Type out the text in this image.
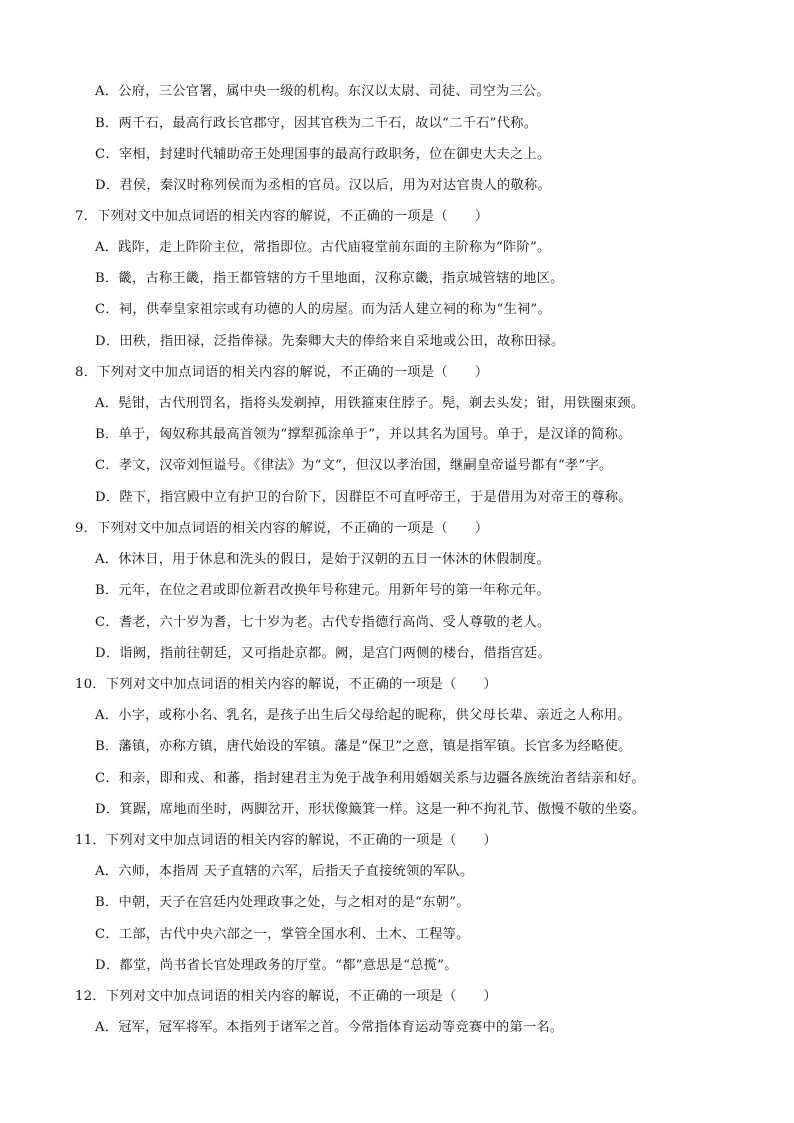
A．公府，三公官署，属中央一级的机构。东汉以太尉、司徒、司空为三公。
B．两千石，最高行政长官郡守，因其官秩为二千石，故以“二千石”代称。
C．宰相，封建时代辅助帝王处理国事的最高行政职务，位在御史大夫之上。
D．君侯，秦汉时称列侯而为丞相的官员。汉以后，用为对达官贵人的敬称。
7．下列对文中加点词语的相关内容的解说，不正确的一项是（　　）
A．践阼，走上阼阶主位，常指即位。古代庙寝堂前东面的主阶称为“阼阶”。
B．畿，古称王畿，指王都管辖的方千里地面，汉称京畿，指京城管辖的地区。
C．祠，供奉皇家祖宗或有功德的人的房屋。而为活人建立祠的称为“生祠”。
D．田秩，指田禄，泛指俸禄。先秦卿大夫的俸给来自采地或公田，故称田禄。
8．下列对文中加点词语的相关内容的解说，不正确的一项是（　　）
A．髡钳，古代刑罚名，指将头发剃掉，用铁箍束住脖子。髡，剃去头发；钳，用铁圈束颈。
B．单于，匈奴称其最高首领为“撑犁孤涂单于”，并以其名为国号。单于，是汉译的简称。
C．孝文，汉帝刘恒谥号。《律法》为“文”，但汉以孝治国，继嗣皇帝谥号都有“孝”字。
D．陛下，指宫殿中立有护卫的台阶下，因群臣不可直呼帝王，于是借用为对帝王的尊称。
9．下列对文中加点词语的相关内容的解说，不正确的一项是（　　）
A．休沐日，用于休息和洗头的假日，是始于汉朝的五日一休沐的休假制度。
B．元年，在位之君或即位新君改换年号称建元。用新年号的第一年称元年。
C．耆老，六十岁为耆，七十岁为老。古代专指德行高尚、受人尊敬的老人。
D．诣阙，指前往朝廷，又可指赴京都。阙，是宫门两侧的楼台，借指宫廷。
10．下列对文中加点词语的相关内容的解说，不正确的一项是（　　）
A．小字，或称小名、乳名，是孩子出生后父母给起的昵称，供父母长辈、亲近之人称用。
B．藩镇，亦称方镇，唐代始设的军镇。藩是“保卫”之意，镇是指军镇。长官多为经略使。
C．和亲，即和戎、和蕃，指封建君主为免于战争利用婚姻关系与边疆各族统治者结亲和好。
D．箕踞，席地而坐时，两脚岔开，形状像簸箕一样。这是一种不拘礼节、傲慢不敬的坐姿。
11．下列对文中加点词语的相关内容的解说，不正确的一项是（　　）
A．六师，本指周 天子直辖的六军，后指天子直接统领的军队。
B．中朝，天子在宫廷内处理政事之处，与之相对的是“东朝”。
C．工部，古代中央六部之一，掌管全国水利、土木、工程等。
D．都堂，尚书省长官处理政务的厅堂。“都”意思是“总揽”。
12．下列对文中加点词语的相关内容的解说，不正确的一项是（　　）
A．冠军，冠军将军。本指列于诸军之首。今常指体育运动等竞赛中的第一名。
